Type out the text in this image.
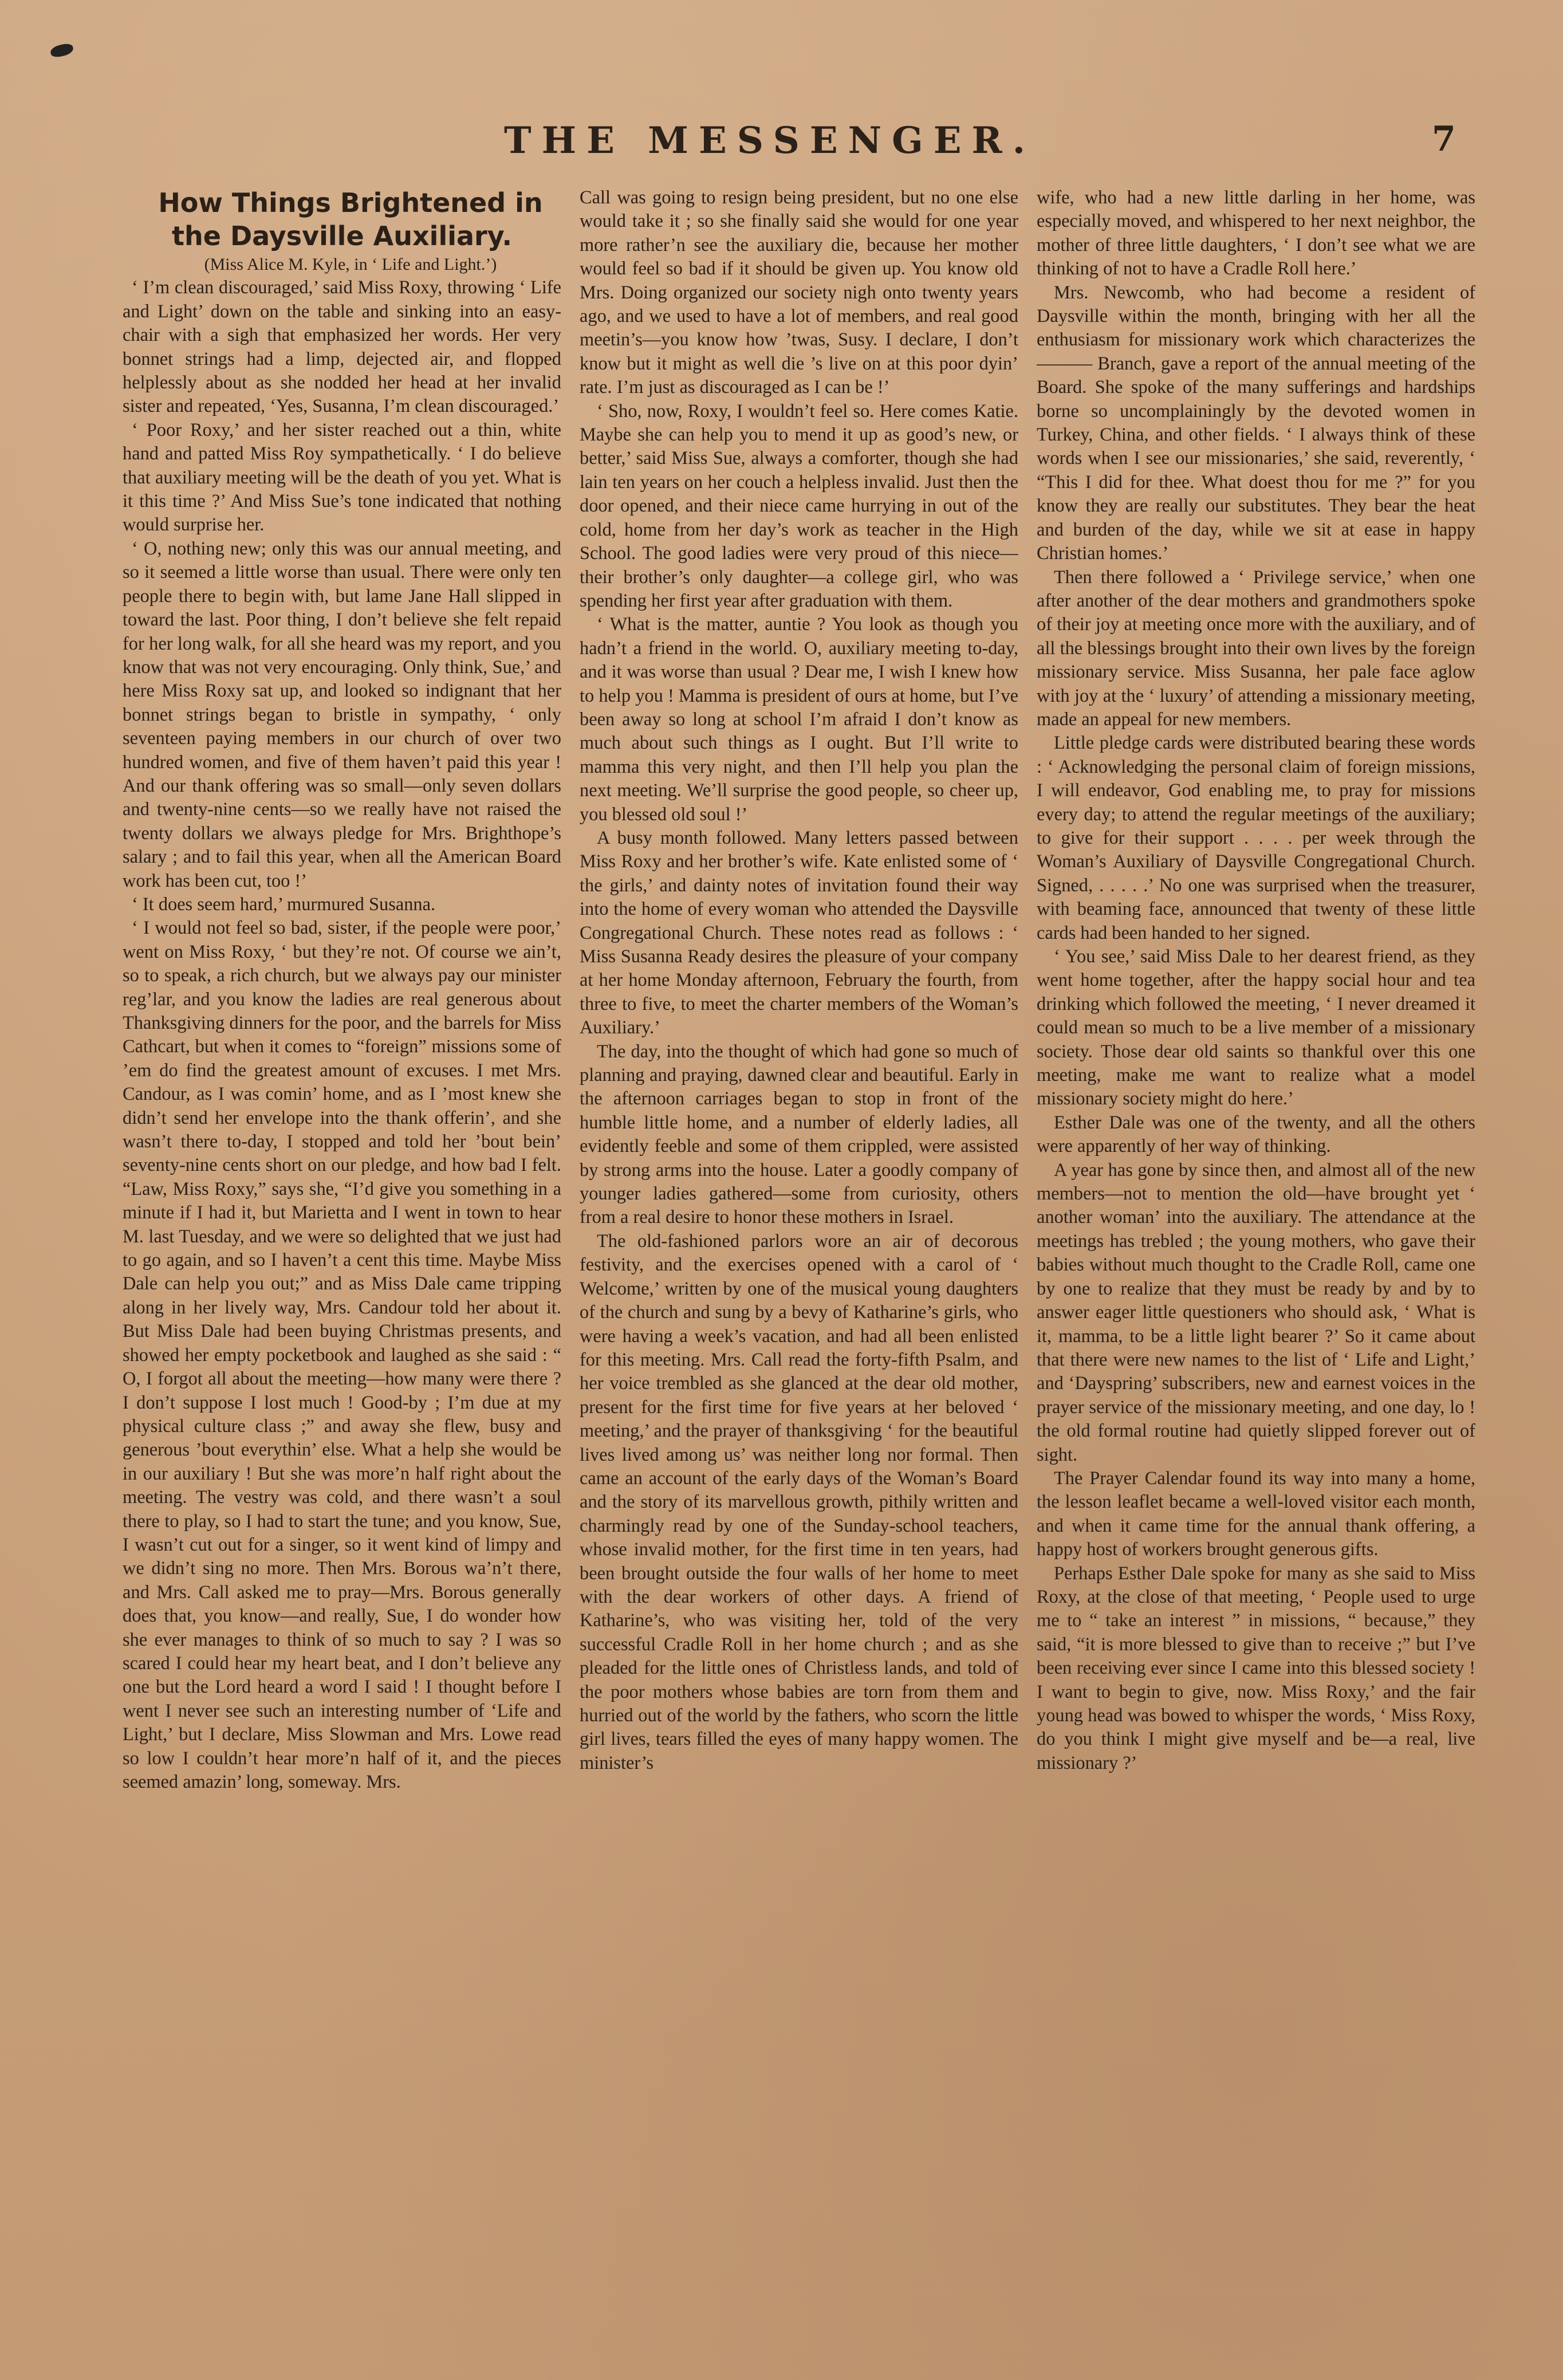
THE MESSENGER.	7

How Things Brightened in the Daysville Auxiliary.

(Miss Alice M. Kyle, in ‘ Life and Light.’)

‘ I’m clean discouraged,’ said Miss Roxy, throwing ‘ Life and Light’ down on the table and sinking into an easy-chair with a sigh that emphasized her words. Her very bonnet strings had a limp, dejected air, and flopped helplessly about as she nodded her head at her invalid sister and repeated, ‘Yes, Susanna, I’m clean discouraged.’

‘ Poor Roxy,’ and her sister reached out a thin, white hand and patted Miss Roy sympathetically. ‘ I do believe that auxiliary meeting will be the death of you yet. What is it this time ?’ And Miss Sue’s tone indicated that nothing would surprise her.

‘ O, nothing new; only this was our annual meeting, and so it seemed a little worse than usual. There were only ten people there to begin with, but lame Jane Hall slipped in toward the last. Poor thing, I don’t believe she felt repaid for her long walk, for all she heard was my report, and you know that was not very encouraging. Only think, Sue,’ and here Miss Roxy sat up, and looked so indignant that her bonnet strings began to bristle in sympathy, ‘ only seventeen paying members in our church of over two hundred women, and five of them haven’t paid this year ! And our thank offering was so small—only seven dollars and twenty-nine cents—so we really have not raised the twenty dollars we always pledge for Mrs. Brighthope’s salary ; and to fail this year, when all the American Board work has been cut, too !’

‘ It does seem hard,’ murmured Susanna.

‘ I would not feel so bad, sister, if the people were poor,’ went on Miss Roxy, ‘ but they’re not. Of course we ain’t, so to speak, a rich church, but we always pay our minister reg’lar, and you know the ladies are real generous about Thanksgiving dinners for the poor, and the barrels for Miss Cathcart, but when it comes to “foreign” missions some of ’em do find the greatest amount of excuses. I met Mrs. Candour, as I was comin’ home, and as I ’most knew she didn’t send her envelope into the thank offerin’, and she wasn’t there to-day, I stopped and told her ’bout bein’ seventy-nine cents short on our pledge, and how bad I felt. “Law, Miss Roxy,” says she, “I’d give you something in a minute if I had it, but Marietta and I went in town to hear M. last Tuesday, and we were so delighted that we just had to go again, and so I haven’t a cent this time. Maybe Miss Dale can help you out;” and as Miss Dale came tripping along in her lively way, Mrs. Candour told her about it. But Miss Dale had been buying Christmas presents, and showed her empty pocketbook and laughed as she said : “ O, I forgot all about the meeting—how many were there ? I don’t suppose I lost much ! Good-by ; I’m due at my physical culture class ;” and away she flew, busy and generous ’bout everythin’ else. What a help she would be in our auxiliary ! But she was more’n half right about the meeting. The vestry was cold, and there wasn’t a soul there to play, so I had to start the tune; and you know, Sue, I wasn’t cut out for a singer, so it went kind of limpy and we didn’t sing no more. Then Mrs. Borous wa’n’t there, and Mrs. Call asked me to pray—Mrs. Borous generally does that, you know—and really, Sue, I do wonder how she ever manages to think of so much to say ? I was so scared I could hear my heart beat, and I don’t believe any one but the Lord heard a word I said ! I thought before I went I never see such an interesting number of ‘Life and Light,’ but I declare, Miss Slowman and Mrs. Lowe read so low I couldn’t hear more’n half of it, and the pieces seemed amazin’ long, someway. Mrs.

Call was going to resign being president, but no one else would take it ; so she finally said she would for one year more rather’n see the auxiliary die, because her mother would feel so bad if it should be given up. You know old Mrs. Doing organized our society nigh onto twenty years ago, and we used to have a lot of members, and real good meetin’s—you know how ’twas, Susy. I declare, I don’t know but it might as well die ’s live on at this poor dyin’ rate. I’m just as discouraged as I can be !’

‘ Sho, now, Roxy, I wouldn’t feel so. Here comes Katie. Maybe she can help you to mend it up as good’s new, or better,’ said Miss Sue, always a comforter, though she had lain ten years on her couch a helpless invalid. Just then the door opened, and their niece came hurrying in out of the cold, home from her day’s work as teacher in the High School. The good ladies were very proud of this niece—their brother’s only daughter—a college girl, who was spending her first year after graduation with them.

‘ What is the matter, auntie ? You look as though you hadn’t a friend in the world. O, auxiliary meeting to-day, and it was worse than usual ? Dear me, I wish I knew how to help you ! Mamma is president of ours at home, but I’ve been away so long at school I’m afraid I don’t know as much about such things as I ought. But I’ll write to mamma this very night, and then I’ll help you plan the next meeting. We’ll surprise the good people, so cheer up, you blessed old soul !’

A busy month followed. Many letters passed between Miss Roxy and her brother’s wife. Kate enlisted some of ‘ the girls,’ and dainty notes of invitation found their way into the home of every woman who attended the Daysville Congregational Church. These notes read as follows : ‘ Miss Susanna Ready desires the pleasure of your company at her home Monday afternoon, February the fourth, from three to five, to meet the charter members of the Woman’s Auxiliary.’

The day, into the thought of which had gone so much of planning and praying, dawned clear and beautiful. Early in the afternoon carriages began to stop in front of the humble little home, and a number of elderly ladies, all evidently feeble and some of them crippled, were assisted by strong arms into the house. Later a goodly company of younger ladies gathered—some from curiosity, others from a real desire to honor these mothers in Israel.

The old-fashioned parlors wore an air of decorous festivity, and the exercises opened with a carol of ‘ Welcome,’ written by one of the musical young daughters of the church and sung by a bevy of Katharine’s girls, who were having a week’s vacation, and had all been enlisted for this meeting. Mrs. Call read the forty-fifth Psalm, and her voice trembled as she glanced at the dear old mother, present for the first time for five years at her beloved ‘ meeting,’ and the prayer of thanksgiving ‘ for the beautiful lives lived among us’ was neither long nor formal. Then came an account of the early days of the Woman’s Board and the story of its marvellous growth, pithily written and charmingly read by one of the Sunday-school teachers, whose invalid mother, for the first time in ten years, had been brought outside the four walls of her home to meet with the dear workers of other days. A friend of Katharine’s, who was visiting her, told of the very successful Cradle Roll in her home church ; and as she pleaded for the little ones of Christless lands, and told of the poor mothers whose babies are torn from them and hurried out of the world by the fathers, who scorn the little girl lives, tears filled the eyes of many happy women. The minister’s

wife, who had a new little darling in her home, was especially moved, and whispered to her next neighbor, the mother of three little daughters, ‘ I don’t see what we are thinking of not to have a Cradle Roll here.’

Mrs. Newcomb, who had become a resident of Daysville within the month, bringing with her all the enthusiasm for missionary work which characterizes the ——— Branch, gave a report of the annual meeting of the Board. She spoke of the many sufferings and hardships borne so uncomplainingly by the devoted women in Turkey, China, and other fields. ‘ I always think of these words when I see our missionaries,’ she said, reverently, ‘ “This I did for thee. What doest thou for me ?” for you know they are really our substitutes. They bear the heat and burden of the day, while we sit at ease in happy Christian homes.’

Then there followed a ‘ Privilege service,’ when one after another of the dear mothers and grandmothers spoke of their joy at meeting once more with the auxiliary, and of all the blessings brought into their own lives by the foreign missionary service. Miss Susanna, her pale face aglow with joy at the ‘ luxury’ of attending a missionary meeting, made an appeal for new members.

Little pledge cards were distributed bearing these words : ‘ Acknowledging the personal claim of foreign missions, I will endeavor, God enabling me, to pray for missions every day; to attend the regular meetings of the auxiliary; to give for their support . . . . per week through the Woman’s Auxiliary of Daysville Congregational Church. Signed, . . . . .’ No one was surprised when the treasurer, with beaming face, announced that twenty of these little cards had been handed to her signed.

‘ You see,’ said Miss Dale to her dearest friend, as they went home together, after the happy social hour and tea drinking which followed the meeting, ‘ I never dreamed it could mean so much to be a live member of a missionary society. Those dear old saints so thankful over this one meeting, make me want to realize what a model missionary society might do here.’

Esther Dale was one of the twenty, and all the others were apparently of her way of thinking.

A year has gone by since then, and almost all of the new members—not to mention the old—have brought yet ‘ another woman’ into the auxiliary. The attendance at the meetings has trebled ; the young mothers, who gave their babies without much thought to the Cradle Roll, came one by one to realize that they must be ready by and by to answer eager little questioners who should ask, ‘ What is it, mamma, to be a little light bearer ?’ So it came about that there were new names to the list of ‘ Life and Light,’ and ‘Dayspring’ subscribers, new and earnest voices in the prayer service of the missionary meeting, and one day, lo ! the old formal routine had quietly slipped forever out of sight.

The Prayer Calendar found its way into many a home, the lesson leaflet became a well-loved visitor each month, and when it came time for the annual thank offering, a happy host of workers brought generous gifts.

Perhaps Esther Dale spoke for many as she said to Miss Roxy, at the close of that meeting, ‘ People used to urge me to “ take an interest ” in missions, “ because,” they said, “it is more blessed to give than to receive ;” but I’ve been receiving ever since I came into this blessed society ! I want to begin to give, now. Miss Roxy,’ and the fair young head was bowed to whisper the words, ‘ Miss Roxy, do you think I might give myself and be—a real, live missionary ?’
